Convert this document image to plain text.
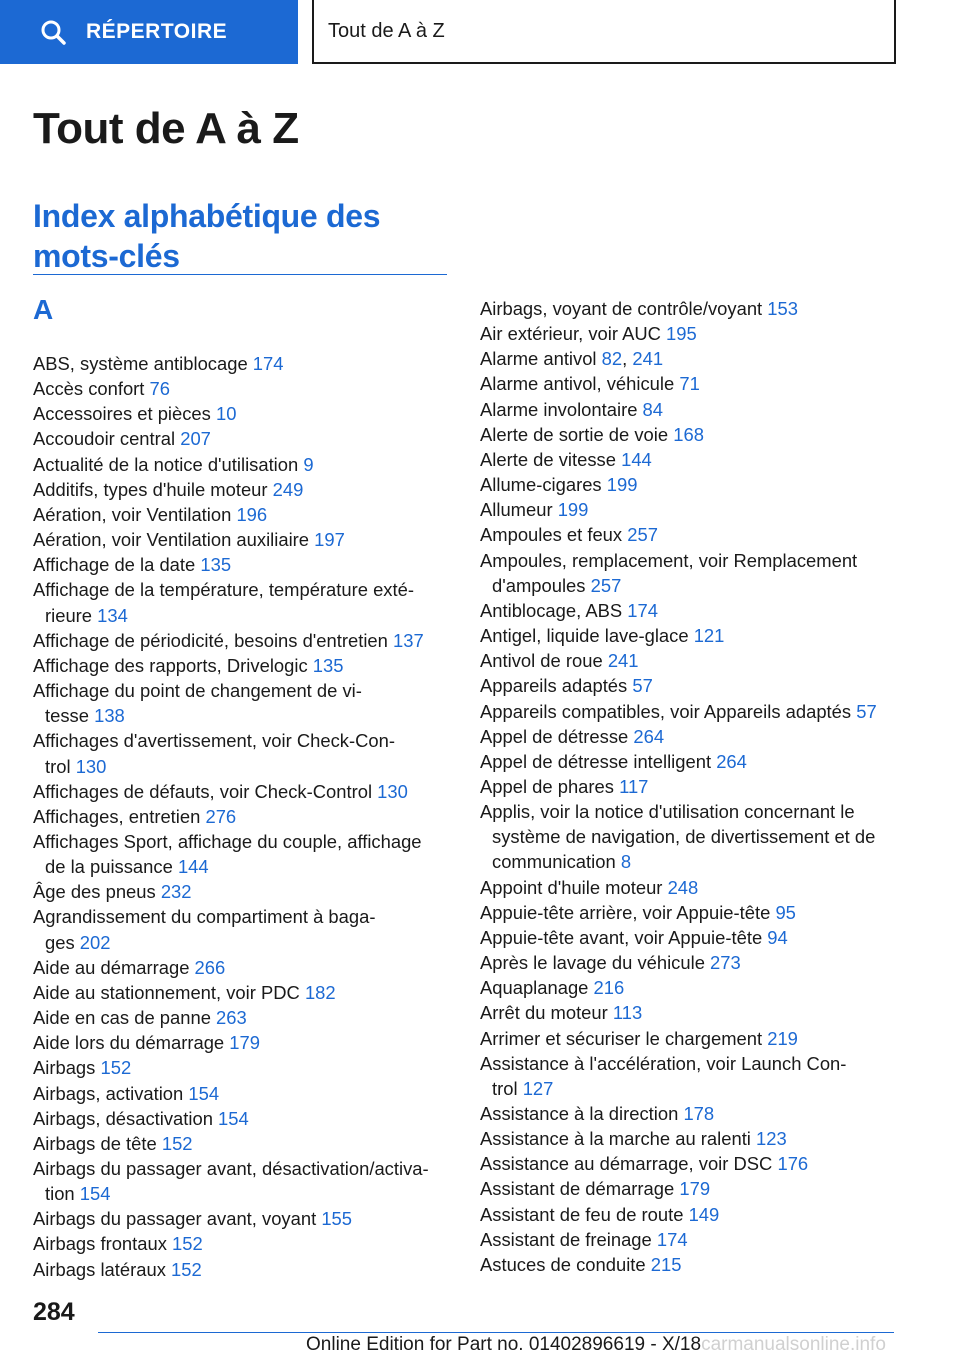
RÉPERTOIRE	Tout de A à Z
Tout de A à Z
Index alphabétique des mots-clés
A
ABS, système antiblocage 174
Accès confort 76
Accessoires et pièces 10
Accoudoir central 207
Actualité de la notice d'utilisation 9
Additifs, types d'huile moteur 249
Aération, voir Ventilation 196
Aération, voir Ventilation auxiliaire 197
Affichage de la date 135
Affichage de la température, température exté-
rieure 134
Affichage de périodicité, besoins d'entretien 137
Affichage des rapports, Drivelogic 135
Affichage du point de changement de vi-
tesse 138
Affichages d'avertissement, voir Check-Con-
trol 130
Affichages de défauts, voir Check-Control 130
Affichages, entretien 276
Affichages Sport, affichage du couple, affichage
de la puissance 144
Âge des pneus 232
Agrandissement du compartiment à baga-
ges 202
Aide au démarrage 266
Aide au stationnement, voir PDC 182
Aide en cas de panne 263
Aide lors du démarrage 179
Airbags 152
Airbags, activation 154
Airbags, désactivation 154
Airbags de tête 152
Airbags du passager avant, désactivation/activa-
tion 154
Airbags du passager avant, voyant 155
Airbags frontaux 152
Airbags latéraux 152
Airbags, voyant de contrôle/voyant 153
Air extérieur, voir AUC 195
Alarme antivol 82, 241
Alarme antivol, véhicule 71
Alarme involontaire 84
Alerte de sortie de voie 168
Alerte de vitesse 144
Allume-cigares 199
Allumeur 199
Ampoules et feux 257
Ampoules, remplacement, voir Remplacement
d'ampoules 257
Antiblocage, ABS 174
Antigel, liquide lave-glace 121
Antivol de roue 241
Appareils adaptés 57
Appareils compatibles, voir Appareils adaptés 57
Appel de détresse 264
Appel de détresse intelligent 264
Appel de phares 117
Applis, voir la notice d'utilisation concernant le
système de navigation, de divertissement et de
communication 8
Appoint d'huile moteur 248
Appuie-tête arrière, voir Appuie-tête 95
Appuie-tête avant, voir Appuie-tête 94
Après le lavage du véhicule 273
Aquaplanage 216
Arrêt du moteur 113
Arrimer et sécuriser le chargement 219
Assistance à l'accélération, voir Launch Con-
trol 127
Assistance à la direction 178
Assistance à la marche au ralenti 123
Assistance au démarrage, voir DSC 176
Assistant de démarrage 179
Assistant de feu de route 149
Assistant de freinage 174
Astuces de conduite 215
284
Online Edition for Part no. 01402896619 - X/18carmanualsonline.info
